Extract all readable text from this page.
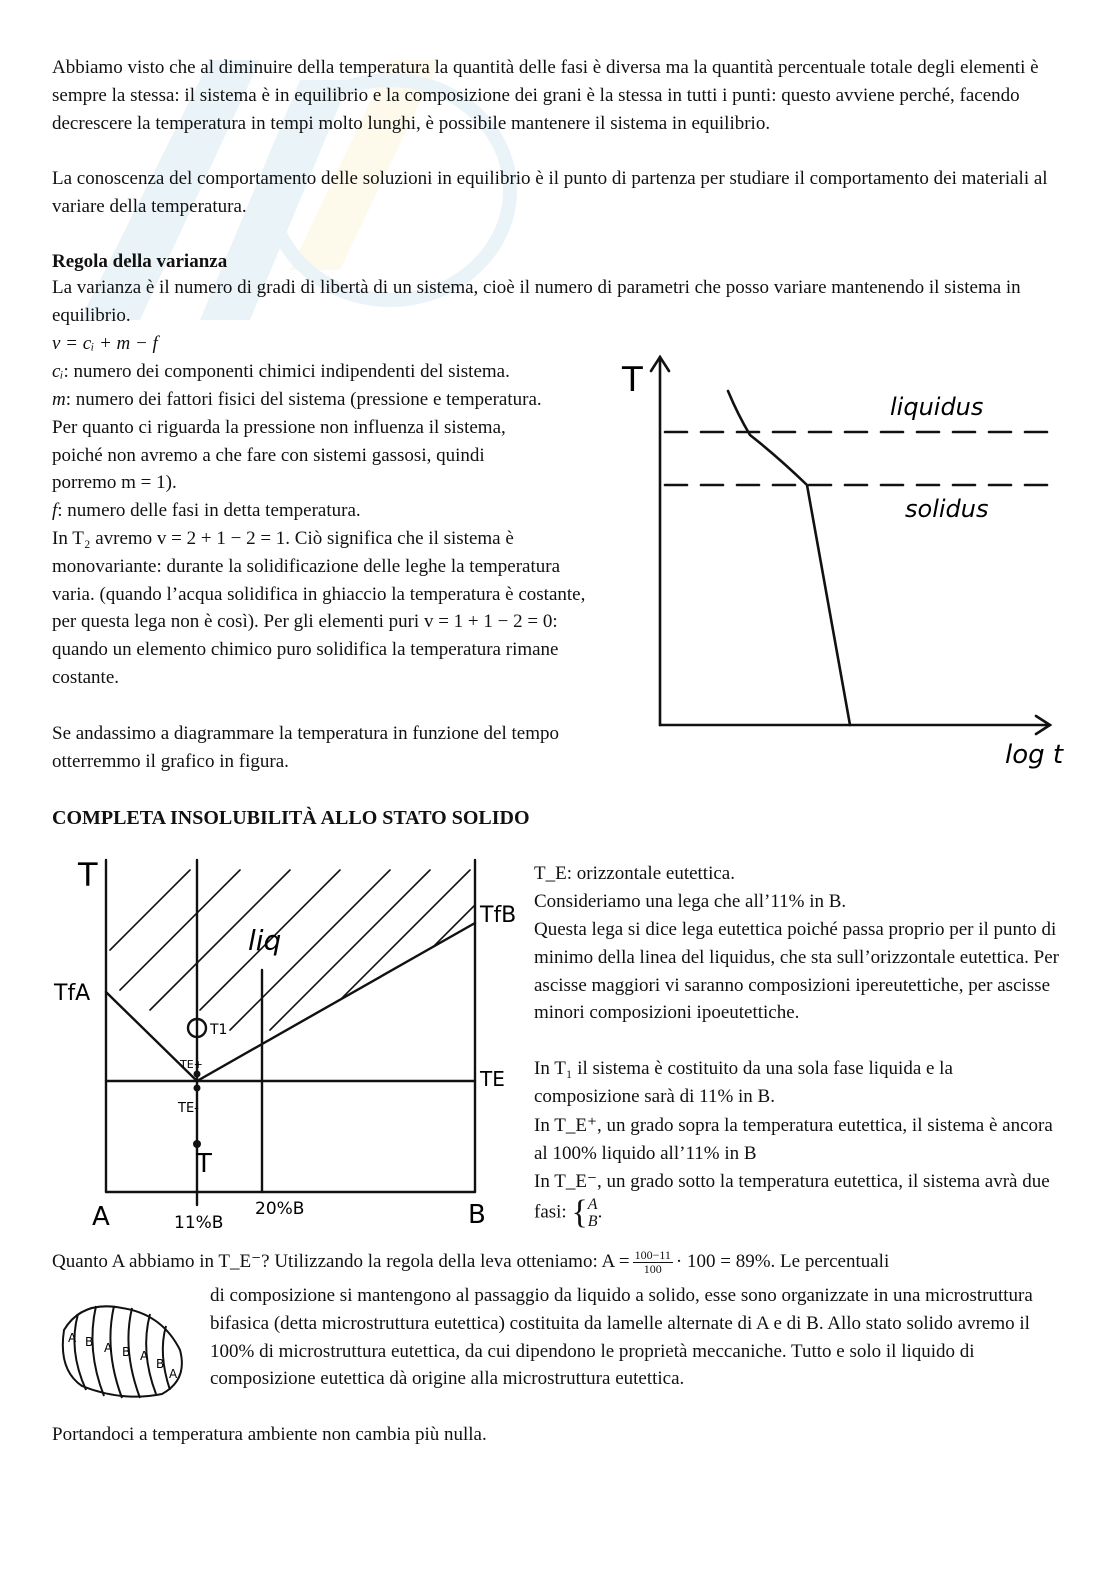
Abbiamo visto che al diminuire della temperatura la quantità delle fasi è diversa ma la quantità percentuale totale degli elementi è sempre la stessa: il sistema è in equilibrio e la composizione dei grani è la stessa in tutti i punti: questo avviene perché, facendo decrescere la temperatura in tempi molto lunghi, è possibile mantenere il sistema in equilibrio.

La conoscenza del comportamento delle soluzioni in equilibrio è il punto di partenza per studiare il comportamento dei materiali al variare della temperatura.

Regola della varianza

La varianza è il numero di gradi di libertà di un sistema, cioè il numero di parametri che posso variare mantenendo il sistema in equilibrio.

v = cᵢ + m − f

cᵢ: numero dei componenti chimici indipendenti del sistema.

m: numero dei fattori fisici del sistema (pressione e temperatura. Per quanto ci riguarda la pressione non influenza il sistema, poiché non avremo a che fare con sistemi gassosi, quindi porremo m = 1).

f: numero delle fasi in detta temperatura.

In T₂ avremo v = 2 + 1 − 2 = 1. Ciò significa che il sistema è monovariante: durante la solidificazione delle leghe la temperatura varia. (quando l’acqua solidifica in ghiaccio la temperatura è costante, per questa lega non è così). Per gli elementi puri v = 1 + 1 − 2 = 0: quando un elemento chimico puro solidifica la temperatura rimane costante.

Se andassimo a diagrammare la temperatura in funzione del tempo otterremmo il grafico in figura.

T
liquidus
solidus
log t
COMPLETA INSOLUBILITÀ ALLO STATO SOLIDO
T
TfA
TfB
TE
liq
T1
TE+
TE-
T
A	B
11%B
20%B

T_E: orizzontale eutettica.

Consideriamo una lega che all’11% in B.

Questa lega si dice lega eutettica poiché passa proprio per il punto di minimo della linea del liquidus, che sta sull’orizzontale eutettica. Per ascisse maggiori vi saranno composizioni ipereutettiche, per ascisse minori composizioni ipoeutettiche.

In T₁ il sistema è costituito da una sola fase liquida e la composizione sarà di 11% in B.

In T_E⁺, un grado sopra la temperatura eutettica, il sistema è ancora al 100% liquido all’11% in B

In T_E⁻, un grado sotto la temperatura eutettica, il sistema avrà due fasi: { A
B .

Quanto A abbiamo in T_E⁻? Utilizzando la regola della leva otteniamo: $A = \frac{100-11}{100} \cdot 100 = 89\%$. Le percentuali

A B A B A
B
A

di composizione si mantengono al passaggio da liquido a solido, esse sono organizzate in una microstruttura bifasica (detta microstruttura eutettica) costituita da lamelle alternate di A e di B. Allo stato solido avremo il 100% di microstruttura eutettica, da cui dipendono le proprietà meccaniche. Tutto e solo il liquido di composizione eutettica dà origine alla microstruttura eutettica.

Portandoci a temperatura ambiente non cambia più nulla.
